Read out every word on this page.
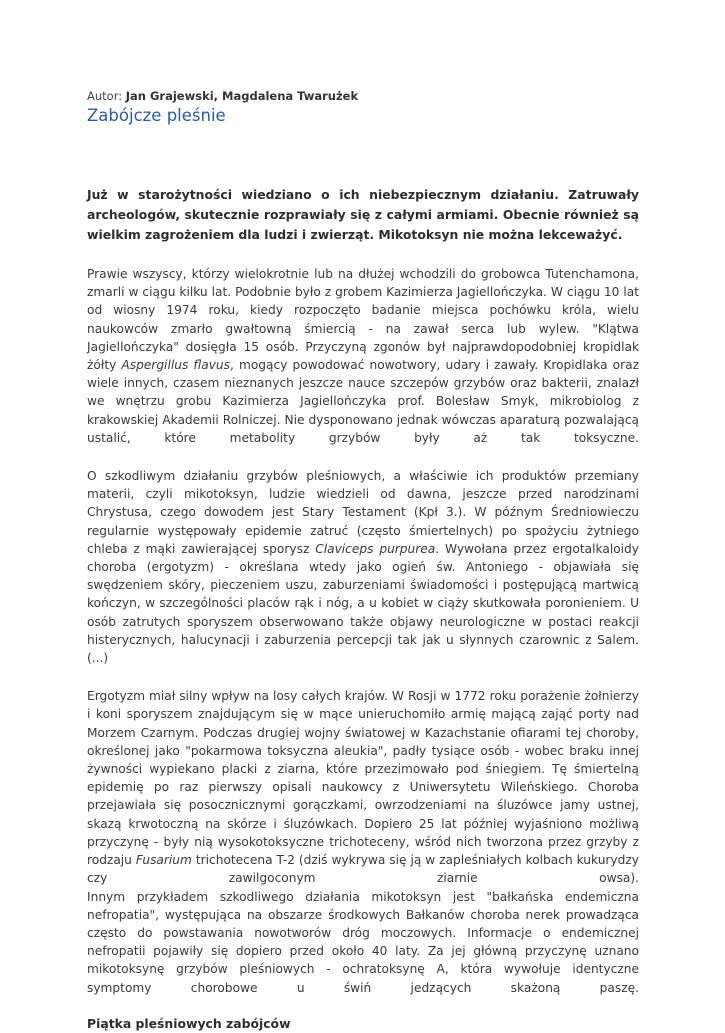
Autor: Jan Grajewski, Magdalena Twarużek
Zabójcze pleśnie

Już w starożytności wiedziano o ich niebezpiecznym działaniu. Zatruwały archeologów, skutecznie rozprawiały się z całymi armiami. Obecnie również są wielkim zagrożeniem dla ludzi i zwierząt. Mikotoksyn nie można lekceważyć.

Prawie wszyscy, którzy wielokrotnie lub na dłużej wchodzili do grobowca Tutenchamona, zmarli w ciągu kilku lat. Podobnie było z grobem Kazimierza Jagiellończyka. W ciągu 10 lat od wiosny 1974 roku, kiedy rozpoczęto badanie miejsca pochówku króla, wielu naukowców zmarło gwałtowną śmiercią - na zawał serca lub wylew. "Klątwa Jagiellończyka" dosięgła 15 osób. Przyczyną zgonów był najprawdopodobniej kropidlak żółty Aspergillus flavus, mogący powodować nowotwory, udary i zawały. Kropidlaka oraz wiele innych, czasem nieznanych jeszcze nauce szczepów grzybów oraz bakterii, znalazł we wnętrzu grobu Kazimierza Jagiellończyka prof. Bolesław Smyk, mikrobiolog z krakowskiej Akademii Rolniczej. Nie dysponowano jednak wówczas aparaturą pozwalającą ustalić, które metabolity grzybów były aż tak toksyczne.

O szkodliwym działaniu grzybów pleśniowych, a właściwie ich produktów przemiany materii, czyli mikotoksyn, ludzie wiedzieli od dawna, jeszcze przed narodzinami Chrystusa, czego dowodem jest Stary Testament (Kpł 3.). W późnym Średniowieczu regularnie występowały epidemie zatruć (często śmiertelnych) po spożyciu żytniego chleba z mąki zawierającej sporysz Claviceps purpurea. Wywołana przez ergotalkaloidy choroba (ergotyzm) - określana wtedy jako ogień św. Antoniego - objawiała się swędzeniem skóry, pieczeniem uszu, zaburzeniami świadomości i postępującą martwicą kończyn, w szczególności placów rąk i nóg, a u kobiet w ciąży skutkowała poronieniem. U osób zatrutych sporyszem obserwowano także objawy neurologiczne w postaci reakcji histerycznych, halucynacji i zaburzenia percepcji tak jak u słynnych czarownic z Salem. (...)

Ergotyzm miał silny wpływ na losy całych krajów. W Rosji w 1772 roku porażenie żołnierzy i koni sporyszem znajdującym się w mące unieruchomiło armię mającą zająć porty nad Morzem Czarnym. Podczas drugiej wojny światowej w Kazachstanie ofiarami tej choroby, określonej jako "pokarmowa toksyczna aleukia", padły tysiące osób - wobec braku innej żywności wypiekano placki z ziarna, które przezimowało pod śniegiem. Tę śmiertelną epidemię po raz pierwszy opisali naukowcy z Uniwersytetu Wileńskiego. Choroba przejawiała się posocznicznymi gorączkami, owrzodzeniami na śluzówce jamy ustnej, skazą krwotoczną na skórze i śluzówkach. Dopiero 25 lat później wyjaśniono możliwą przyczynę - były nią wysokotoksyczne trichoteceny, wśród nich tworzona przez grzyby z rodzaju Fusarium trichotecena T-2 (dziś wykrywa się ją w zapleśniałych kolbach kukurydzy czy zawilgoconym ziarnie owsa).

Innym przykładem szkodliwego działania mikotoksyn jest "bałkańska endemiczna nefropatia", występująca na obszarze środkowych Bałkanów choroba nerek prowadząca często do powstawania nowotworów dróg moczowych. Informacje o endemicznej nefropatii pojawiły się dopiero przed około 40 laty. Za jej główną przyczynę uznano mikotoksynę grzybów pleśniowych - ochratoksynę A, która wywołuje identyczne symptomy chorobowe u świń jedzących skażoną paszę.

Piątka pleśniowych zabójców
